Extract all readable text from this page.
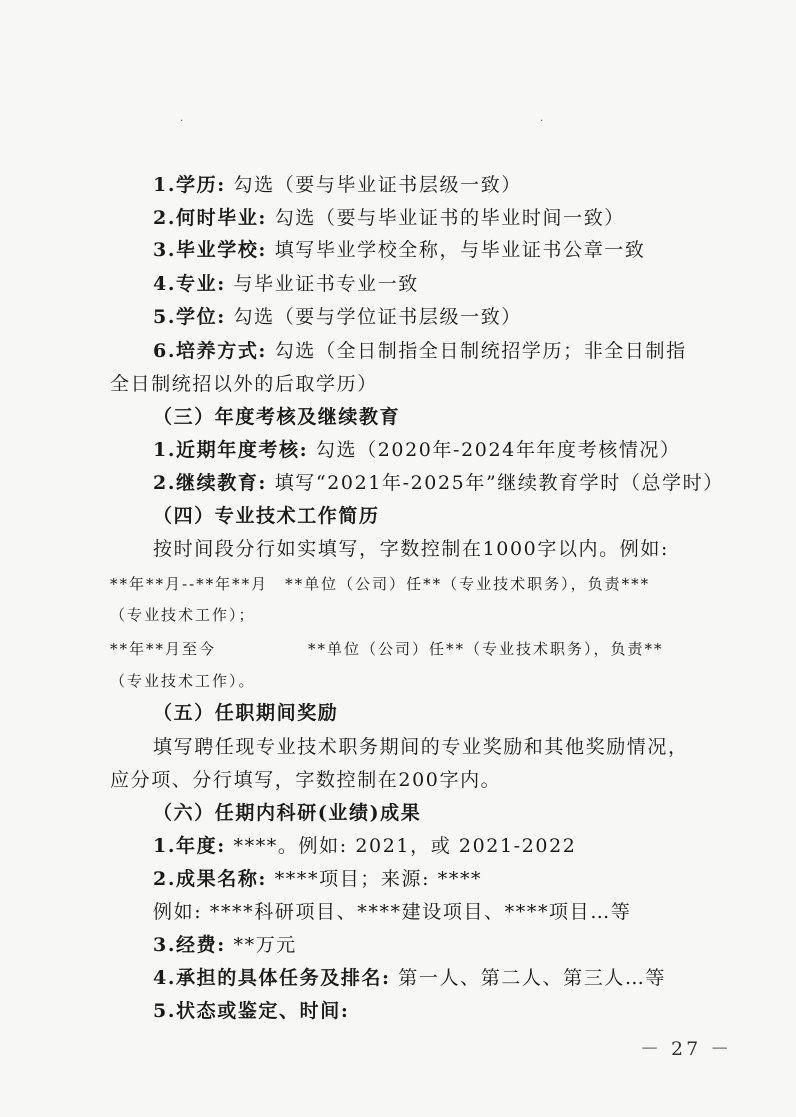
.	.
1.学历: 勾选（要与毕业证书层级一致）
2.何时毕业: 勾选（要与毕业证书的毕业时间一致）
3.毕业学校: 填写毕业学校全称，与毕业证书公章一致
4.专业: 与毕业证书专业一致
5.学位: 勾选（要与学位证书层级一致）
6.培养方式: 勾选（全日制指全日制统招学历；非全日制指
全日制统招以外的后取学历）
（三）年度考核及继续教育
1.近期年度考核: 勾选（2020年-2024年年度考核情况）
2.继续教育: 填写“2021年-2025年”继续教育学时（总学时）
（四）专业技术工作简历
按时间段分行如实填写，字数控制在1000字以内。例如:
**年**月--**年**月　**单位（公司）任**（专业技术职务），负责***
（专业技术工作）；
**年**月至今	**单位（公司）任**（专业技术职务），负责**
（专业技术工作）。
（五）任职期间奖励
填写聘任现专业技术职务期间的专业奖励和其他奖励情况，
应分项、分行填写，字数控制在200字内。
（六）任期内科研(业绩)成果
1.年度: ****。例如: 2021，或 2021-2022
2.成果名称: ****项目；来源: ****
例如: ****科研项目、****建设项目、****项目…等
3.经费: **万元
4.承担的具体任务及排名: 第一人、第二人、第三人…等
5.状态或鉴定、时间:
－ 27 －
